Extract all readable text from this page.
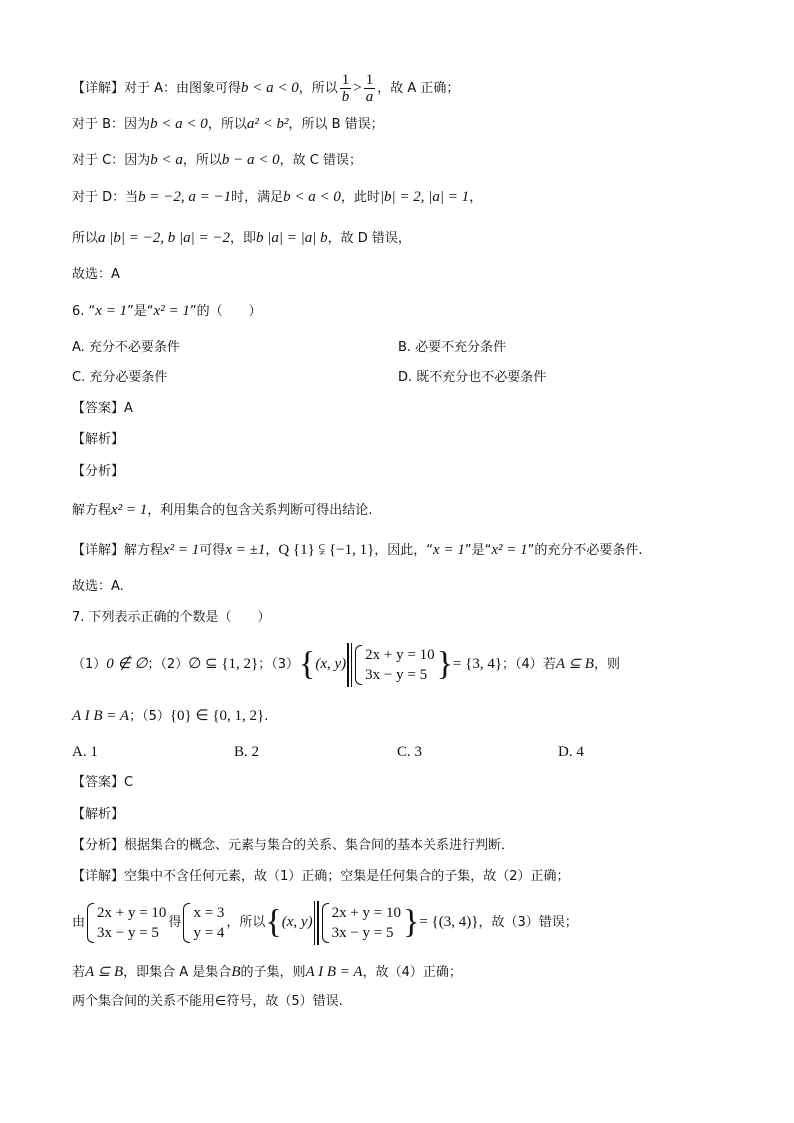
【详解】对于 A：由图象可得b < a < 0，所以 $\frac{1}{b} > \frac{1}{a}$ ，故 A 正确；
对于 B：因为b < a < 0，所以a² < b²，所以 B 错误；
对于 C：因为b < a，所以b − a < 0，故 C 错误；
对于 D：当b = −2, a = −1时，满足b < a < 0，此时|b| = 2, |a| = 1，
所以a |b| = −2, b |a| = −2，即b |a| = |a| b，故 D 错误，
故选：A
6. “x = 1”是“x² = 1”的（　　）
A. 充分不必要条件	B. 必要不充分条件
C. 充分必要条件	D. 既不充分也不必要条件
【答案】A
【解析】
【分析】
解方程x² = 1，利用集合的包含关系判断可得出结论.
【详解】解方程x² = 1可得x = ±1，Q {1} ⫋ {−1, 1}，因此，“x = 1”是“x² = 1”的充分不必要条件.
故选：A.
7. 下列表示正确的个数是（　　）
（1）0 ∉ ∅；（2）∅ ⊆ {1, 2}；（3）{(x, y)
2x + y = 10
3x − y = 5 }= {3, 4}；（4）若A ⊆ B，则
A I B = A；（5）{0} ∈ {0, 1, 2}.
A. 1	B. 2	C. 3	D. 4
【答案】C
【解析】
【分析】根据集合的概念、元素与集合的关系、集合间的基本关系进行判断．
【详解】空集中不含任何元素，故（1）正确；空集是任何集合的子集，故（2）正确；
由
2x + y = 10
3x − y = 5
得
x = 3
y = 4
，所以{(x, y)
2x + y = 10
3x − y = 5 }= {(3, 4)}，故（3）错误；
若A ⊆ B，即集合 A 是集合B的子集，则A I B = A，故（4）正确；
两个集合间的关系不能用∈符号，故（5）错误.
